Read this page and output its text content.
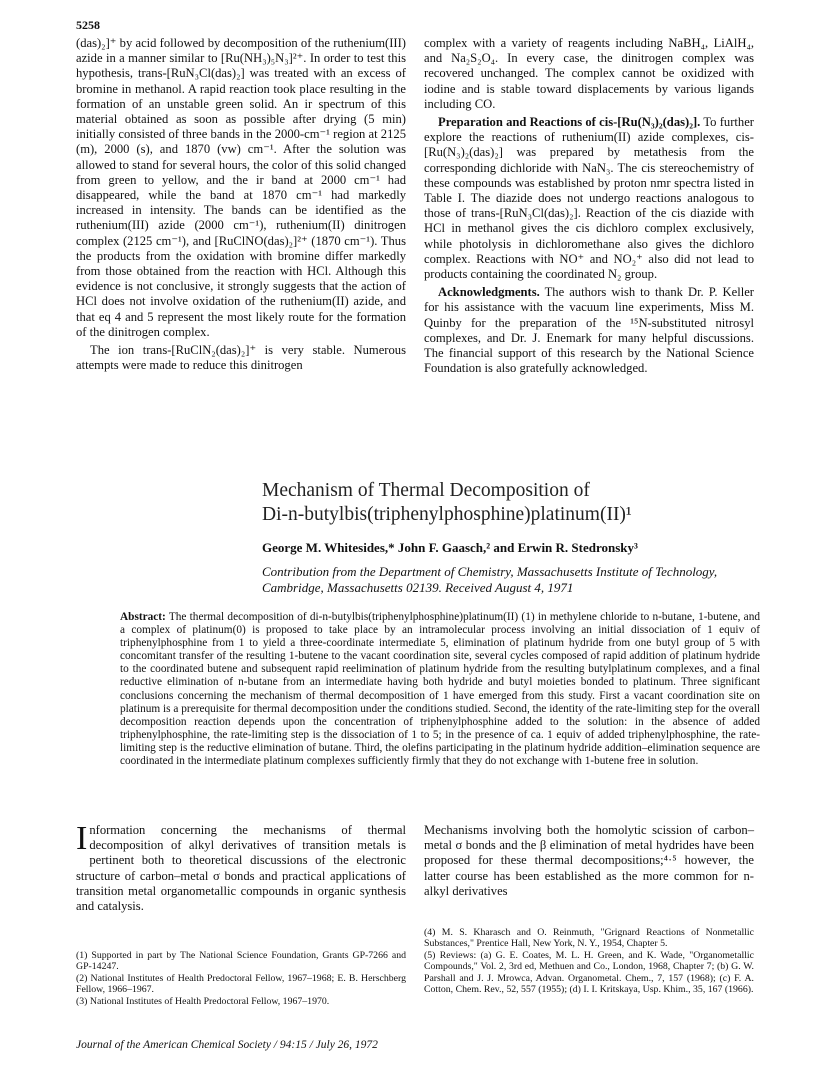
5258

(das)₂]⁺ by acid followed by decomposition of the ruthenium(III) azide in a manner similar to [Ru(NH₃)₅N₃]²⁺. In order to test this hypothesis, trans-[RuN₃Cl(das)₂] was treated with an excess of bromine in methanol. A rapid reaction took place resulting in the formation of an unstable green solid. An ir spectrum of this material obtained as soon as possible after drying (5 min) initially consisted of three bands in the 2000-cm⁻¹ region at 2125 (m), 2000 (s), and 1870 (vw) cm⁻¹. After the solution was allowed to stand for several hours, the color of this solid changed from green to yellow, and the ir band at 2000 cm⁻¹ had disappeared, while the band at 1870 cm⁻¹ had markedly increased in intensity. The bands can be identified as the ruthenium(III) azide (2000 cm⁻¹), ruthenium(II) dinitrogen complex (2125 cm⁻¹), and [RuClNO(das)₂]²⁺ (1870 cm⁻¹). Thus the products from the oxidation with bromine differ markedly from those obtained from the reaction with HCl. Although this evidence is not conclusive, it strongly suggests that the action of HCl does not involve oxidation of the ruthenium(II) azide, and that eq 4 and 5 represent the most likely route for the formation of the dinitrogen complex.

The ion trans-[RuClN₂(das)₂]⁺ is very stable. Numerous attempts were made to reduce this dinitrogen

complex with a variety of reagents including NaBH₄, LiAlH₄, and Na₂S₂O₄. In every case, the dinitrogen complex was recovered unchanged. The complex cannot be oxidized with iodine and is stable toward displacements by various ligands including CO.

Preparation and Reactions of cis-[Ru(N₃)₂(das)₂]. To further explore the reactions of ruthenium(II) azide complexes, cis-[Ru(N₃)₂(das)₂] was prepared by metathesis from the corresponding dichloride with NaN₃. The cis stereochemistry of these compounds was established by proton nmr spectra listed in Table I. The diazide does not undergo reactions analogous to those of trans-[RuN₃Cl(das)₂]. Reaction of the cis diazide with HCl in methanol gives the cis dichloro complex exclusively, while photolysis in dichloromethane also gives the dichloro complex. Reactions with NO⁺ and NO₂⁺ also did not lead to products containing the coordinated N₂ group.

Acknowledgments. The authors wish to thank Dr. P. Keller for his assistance with the vacuum line experiments, Miss M. Quinby for the preparation of the ¹⁵N-substituted nitrosyl complexes, and Dr. J. Enemark for many helpful discussions. The financial support of this research by the National Science Foundation is also gratefully acknowledged.

Mechanism of Thermal Decomposition of
Di-n-butylbis(triphenylphosphine)platinum(II)¹
George M. Whitesides,* John F. Gaasch,² and Erwin R. Stedronsky³
Contribution from the Department of Chemistry, Massachusetts Institute of Technology, Cambridge, Massachusetts 02139. Received August 4, 1971
Abstract: The thermal decomposition of di-n-butylbis(triphenylphosphine)platinum(II) (1) in methylene chloride to n-butane, 1-butene, and a complex of platinum(0) is proposed to take place by an intramolecular process involving an initial dissociation of 1 equiv of triphenylphosphine from 1 to yield a three-coordinate intermediate 5, elimination of platinum hydride from one butyl group of 5 with concomitant transfer of the resulting 1-butene to the vacant coordination site, several cycles composed of rapid addition of platinum hydride to the coordinated butene and subsequent rapid reelimination of platinum hydride from the resulting butylplatinum complexes, and a final reductive elimination of n-butane from an intermediate having both hydride and butyl moieties bonded to platinum. Three significant conclusions concerning the mechanism of thermal decomposition of 1 have emerged from this study. First a vacant coordination site on platinum is a prerequisite for thermal decomposition under the conditions studied. Second, the identity of the rate-limiting step for the overall decomposition reaction depends upon the concentration of triphenylphosphine added to the solution: in the absence of added triphenylphosphine, the rate-limiting step is the dissociation of 1 to 5; in the presence of ca. 1 equiv of added triphenylphosphine, the rate-limiting step is the reductive elimination of butane. Third, the olefins participating in the platinum hydride addition–elimination sequence are coordinated in the intermediate platinum complexes sufficiently firmly that they do not exchange with 1-butene free in solution.
Information concerning the mechanisms of thermal decomposition of alkyl derivatives of transition metals is pertinent both to theoretical discussions of the electronic structure of carbon–metal σ bonds and practical applications of transition metal organometallic compounds in organic synthesis and catalysis.
Mechanisms involving both the homolytic scission of carbon–metal σ bonds and the β elimination of metal hydrides have been proposed for these thermal decompositions;⁴·⁵ however, the latter course has been established as the more common for n-alkyl derivatives

(1) Supported in part by The National Science Foundation, Grants GP-7266 and GP-14247.

(2) National Institutes of Health Predoctoral Fellow, 1967–1968; E. B. Herschberg Fellow, 1966–1967.

(3) National Institutes of Health Predoctoral Fellow, 1967–1970.

(4) M. S. Kharasch and O. Reinmuth, "Grignard Reactions of Nonmetallic Substances," Prentice Hall, New York, N. Y., 1954, Chapter 5.

(5) Reviews: (a) G. E. Coates, M. L. H. Green, and K. Wade, "Organometallic Compounds," Vol. 2, 3rd ed, Methuen and Co., London, 1968, Chapter 7; (b) G. W. Parshall and J. J. Mrowca, Advan. Organometal. Chem., 7, 157 (1968); (c) F. A. Cotton, Chem. Rev., 52, 557 (1955); (d) I. I. Kritskaya, Usp. Khim., 35, 167 (1966).

Journal of the American Chemical Society / 94:15 / July 26, 1972
